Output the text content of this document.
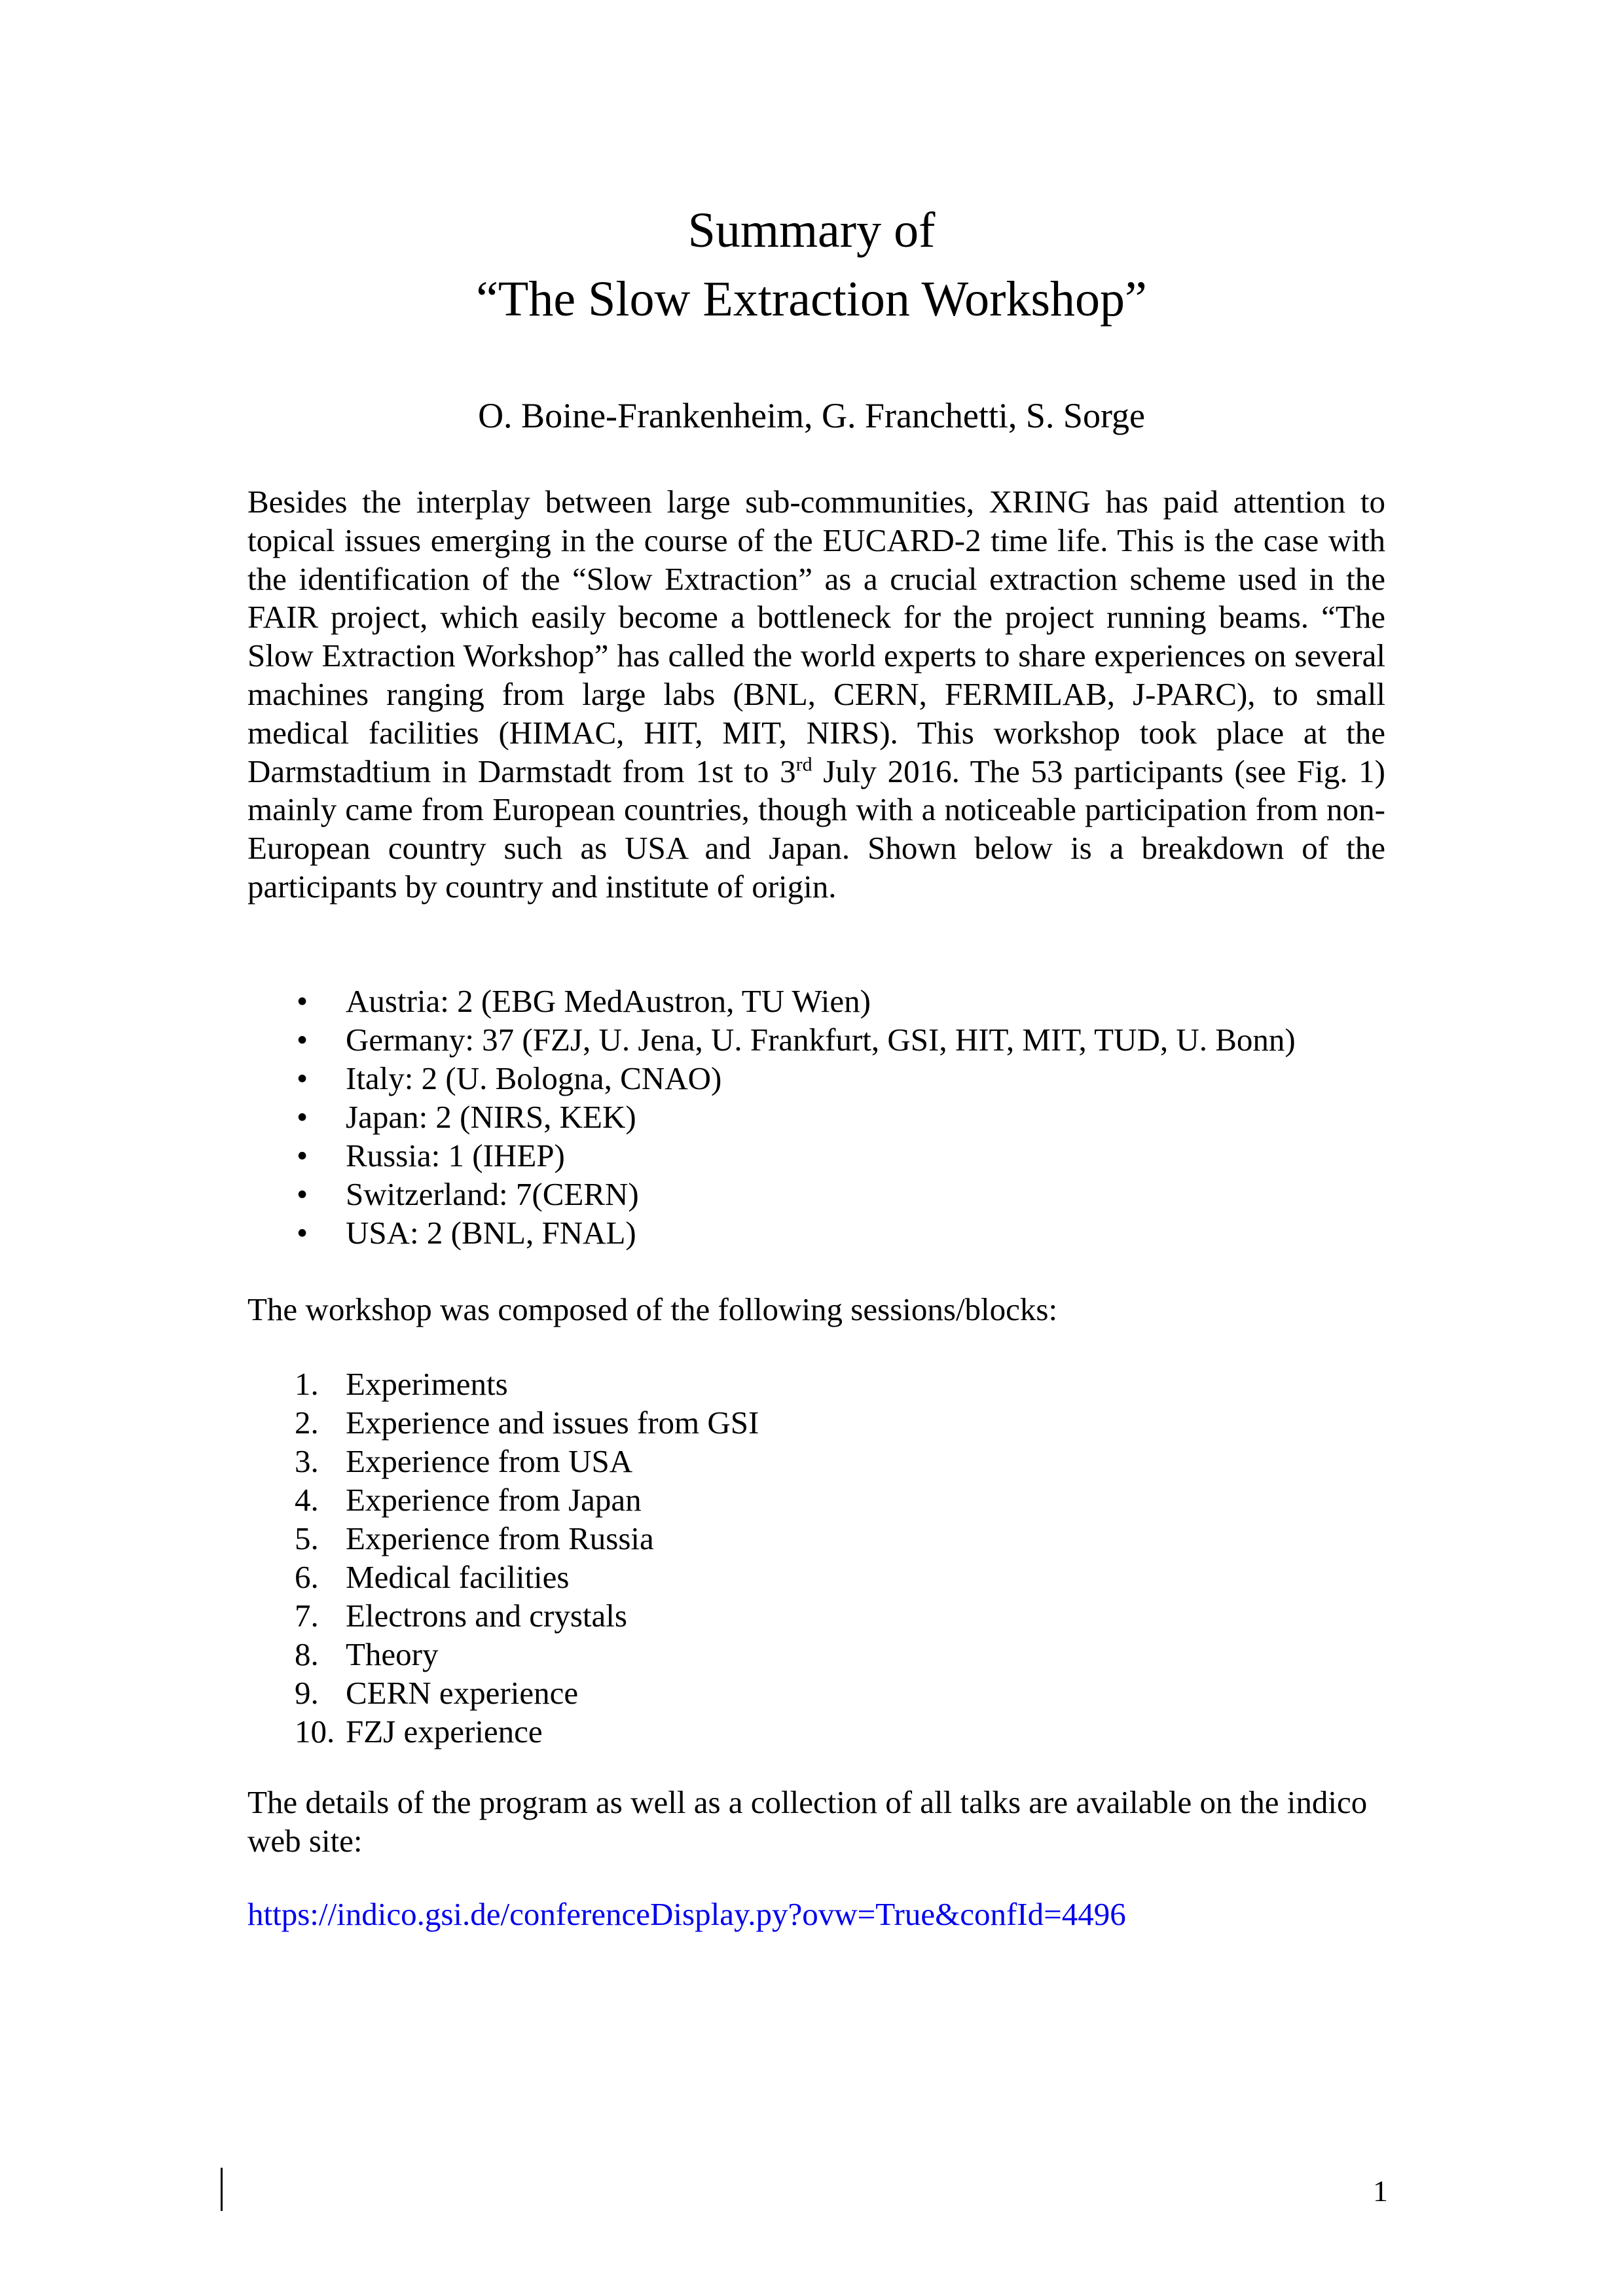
Summary of
“The Slow Extraction Workshop”
O. Boine-Frankenheim, G. Franchetti, S. Sorge
Besides the interplay between large sub-communities, XRING has paid attention to topical issues emerging in the course of the EUCARD-2 time life. This is the case with the identification of the “Slow Extraction” as a crucial extraction scheme used in the FAIR project, which easily become a bottleneck for the project running beams. “The Slow Extraction Workshop” has called the world experts to share experiences on several machines ranging from large labs (BNL, CERN, FERMILAB, J-PARC), to small medical facilities (HIMAC, HIT, MIT, NIRS). This workshop took place at the Darmstadtium in Darmstadt from 1st to 3rd July 2016. The 53 participants (see Fig. 1) mainly came from European countries, though with a noticeable participation from non-European country such as USA and Japan. Shown below is a breakdown of the participants by country and institute of origin.
•	Austria: 2 (EBG MedAustron, TU Wien)
•	Germany: 37 (FZJ, U. Jena, U. Frankfurt, GSI, HIT, MIT, TUD, U. Bonn)
•	Italy: 2 (U. Bologna, CNAO)
•	Japan: 2 (NIRS, KEK)
•	Russia: 1 (IHEP)
•	Switzerland: 7(CERN)
•	USA: 2 (BNL, FNAL)
The workshop was composed of the following sessions/blocks:
1. Experiments
2. Experience and issues from GSI
3. Experience from USA
4. Experience from Japan
5. Experience from Russia
6. Medical facilities
7. Electrons and crystals
8. Theory
9. CERN experience
10. FZJ experience
The details of the program as well as a collection of all talks are available on the indico web site:
https://indico.gsi.de/conferenceDisplay.py?ovw=True&confId=4496
1
